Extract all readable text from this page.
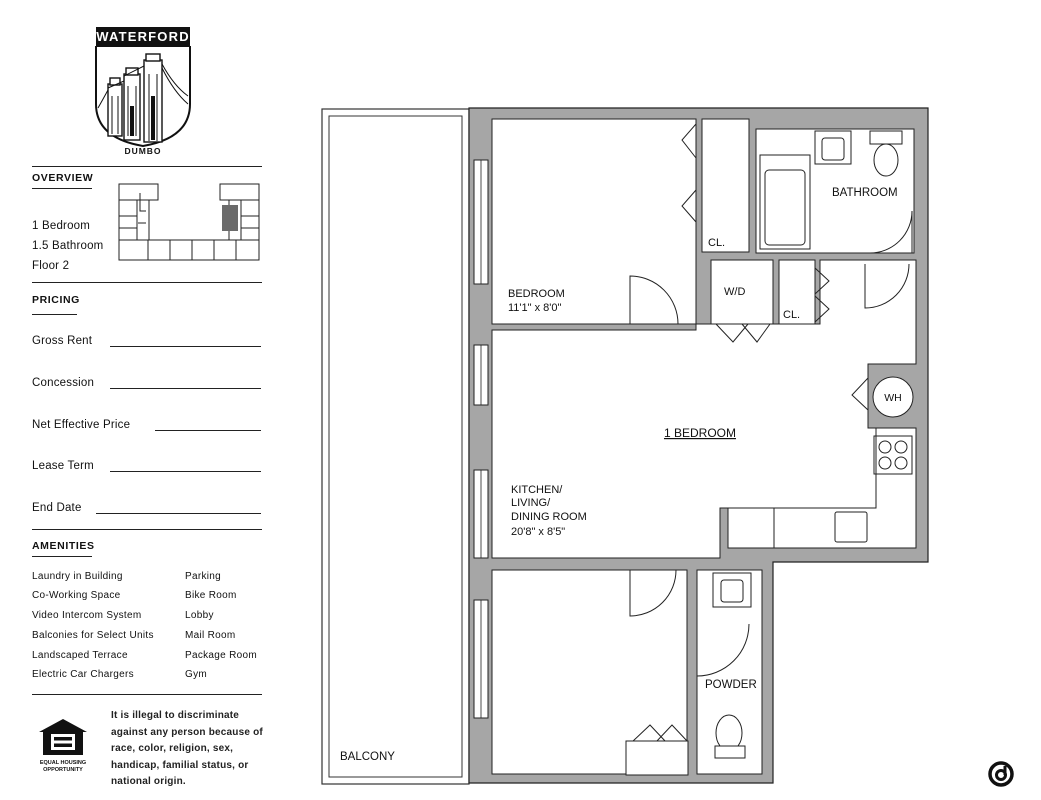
WATERFORD
DUMBO
OVERVIEW
1 Bedroom
1.5 Bathroom
Floor 2
PRICING
Gross Rent
Concession
Net Effective Price
Lease Term
End Date
AMENITIES
Laundry in Building
Co-Working Space
Video Intercom System
Balconies for Select Units
Landscaped Terrace
Electric Car Chargers
Parking
Bike Room
Lobby
Mail Room
Package Room
Gym
EQUAL HOUSING
OPPORTUNITY
It is illegal to discriminate against any person because of race, color, religion, sex, handicap, familial status, or national origin.
1 BEDROOM
BEDROOM
11'1" x 8'0"
CL.
CL.
W/D
BATHROOM
WH
KITCHEN/
LIVING/
DINING ROOM
20'8" x 8'5"
POWDER
BALCONY
